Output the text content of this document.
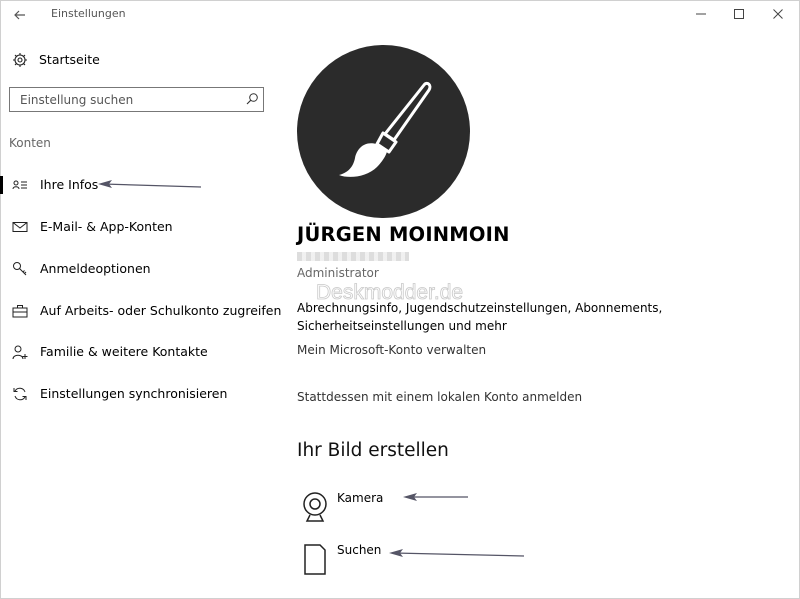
Einstellungen
Startseite
Einstellung suchen
Konten
Ihre Infos
E-Mail- & App-Konten
Anmeldeoptionen
Auf Arbeits- oder Schulkonto zugreifen
Familie & weitere Kontakte
Einstellungen synchronisieren
JÜRGEN MOINMOIN
Administrator
Deskmodder.de
Abrechnungsinfo, Jugendschutzeinstellungen, Abonnements,
Sicherheitseinstellungen und mehr
Mein Microsoft-Konto verwalten
Stattdessen mit einem lokalen Konto anmelden
Ihr Bild erstellen
Kamera
Suchen
